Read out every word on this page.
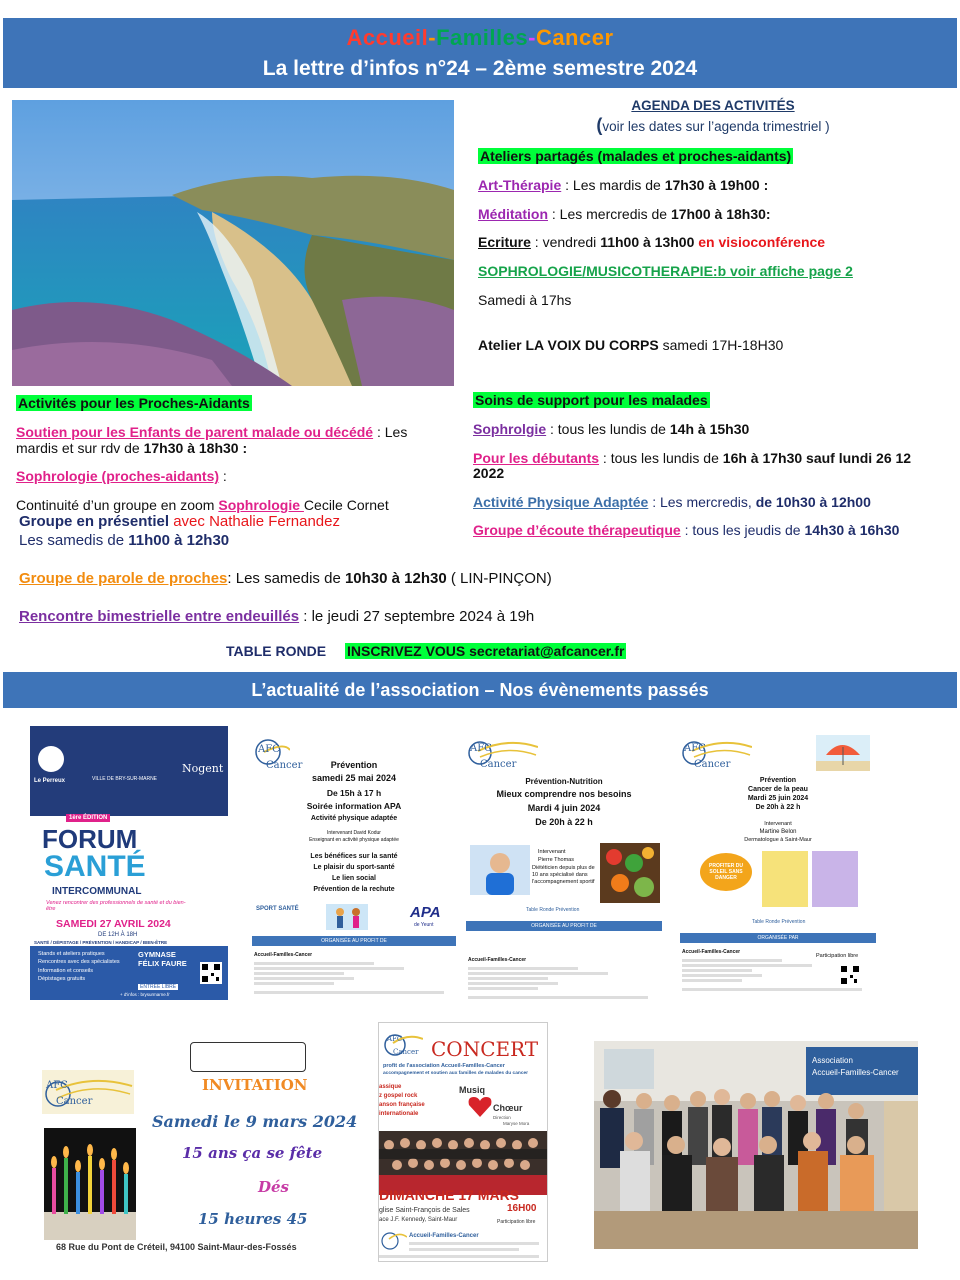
Accueil-Familles-Cancer
La lettre d’infos n°24 – 2ème semestre 2024
AGENDA DES ACTIVITÉS
(voir les dates sur l’agenda trimestriel )
Ateliers partagés (malades et proches-aidants)
Art-Thérapie : Les mardis de 17h30 à 19h00 :
Méditation : Les mercredis de 17h00 à 18h30:
Ecriture : vendredi 11h00 à 13h00 en visioconférence
SOPHROLOGIE/MUSICOTHERAPIE:b voir affiche page 2
Samedi à 17hs
Atelier LA VOIX DU CORPS samedi 17H-18H30
Activités pour les Proches-Aidants
Soutien pour les Enfants de parent malade ou décédé : Les
mardis et sur rdv de 17h30 à 18h30 :
Sophrologie (proches-aidants) :
Continuité d’un groupe en zoom Sophrologie Cecile Cornet
Groupe en présentiel avec Nathalie Fernandez
Les samedis de 11h00 à 12h30
Groupe de parole de proches: Les samedis de 10h30 à 12h30 ( LIN-PINÇON)
Rencontre bimestrielle entre endeuillés : le jeudi 27 septembre 2024 à 19h
TABLE RONDE INSCRIVEZ VOUS secretariat@afcancer.fr
Soins de support pour les malades
Sophrolgie : tous les lundis de 14h à 15h30
Pour les débutants : tous les lundis de 16h à 17h30 sauf lundi 26 12
2022
Activité Physique Adaptée : Les mercredis, de 10h30 à 12h00
Groupe d’écoute thérapeutique : tous les jeudis de 14h30 à 16h30
L’actualité de l’association – Nos évènements passés
Le Perreux	VILLE DE BRY-SUR-MARNE
Nogent
1ère ÉDITION
FORUM
SANTÉ
INTERCOMMUNAL
Venez rencontrer des professionnels de santé et du bien-être
SAMEDI 27 AVRIL 2024
DE 12H À 18H
SANTÉ / DÉPISTAGE / PRÉVENTION / HANDICAP / BIEN-ÊTRE
Stands et ateliers pratiques
Rencontres avec des spécialistes
Information et conseils
Dépistages gratuits
GYMNASE
FÉLIX FAURE
ENTRÉE LIBRE
+ d'infos : brysurmarne.fr
AFC
Cancer	Prévention
samedi 25 mai 2024
De 15h à 17 h
Soirée information APA
Activité physique adaptée
Intervenant David Kodur
Enseignant en activité physique adaptée
Les bénéfices sur la santé
Le plaisir du sport-santé
Le lien social
Prévention de la rechute
SPORT SANTÉ	APA
de Yeunt
ORGANISÉE AU PROFIT DE
Accueil-Familles-Cancer
AFC
Cancer
Prévention-Nutrition
Mieux comprendre nos besoins
Mardi 4 juin 2024
De 20h à 22 h
Intervenant
Pierre Thomas
Diététicien depuis plus de 10 ans spécialisé dans l'accompagnement sportif
Table Ronde Prévention
ORGANISÉE AU PROFIT DE
Accueil-Familles-Cancer
AFC
Cancer
Prévention
Cancer de la peau
Mardi 25 juin 2024
De 20h à 22 h
Intervenant
Martine Belon
Dermatologue à Saint-Maur
PROFITER DU SOLEIL SANS DANGER
Table Ronde Prévention
ORGANISÉE PAR
Accueil-Familles-Cancer
Participation libre
AFC
Cancer
INVITATION
Samedi le 9 mars 2024
15 ans ça se fête
Dés
15 heures 45
68 Rue du Pont de Créteil, 94100 Saint-Maur-des-Fossés
AFC
Cancer CONCERT
profit de l'association Accueil-Familles-Cancer
accompagnement et soutien aux familles de malades du cancer
assique
z gospel rock
anson française
internationale
Musiq
Chœur
Direction
Maryse Mora
DIMANCHE 17 MARS
16H00
glise Saint-François de Sales
ace J.F. Kennedy, Saint-Maur	Participation libre
Accueil-Familles-Cancer
Association
Accueil-Familles-Cancer
